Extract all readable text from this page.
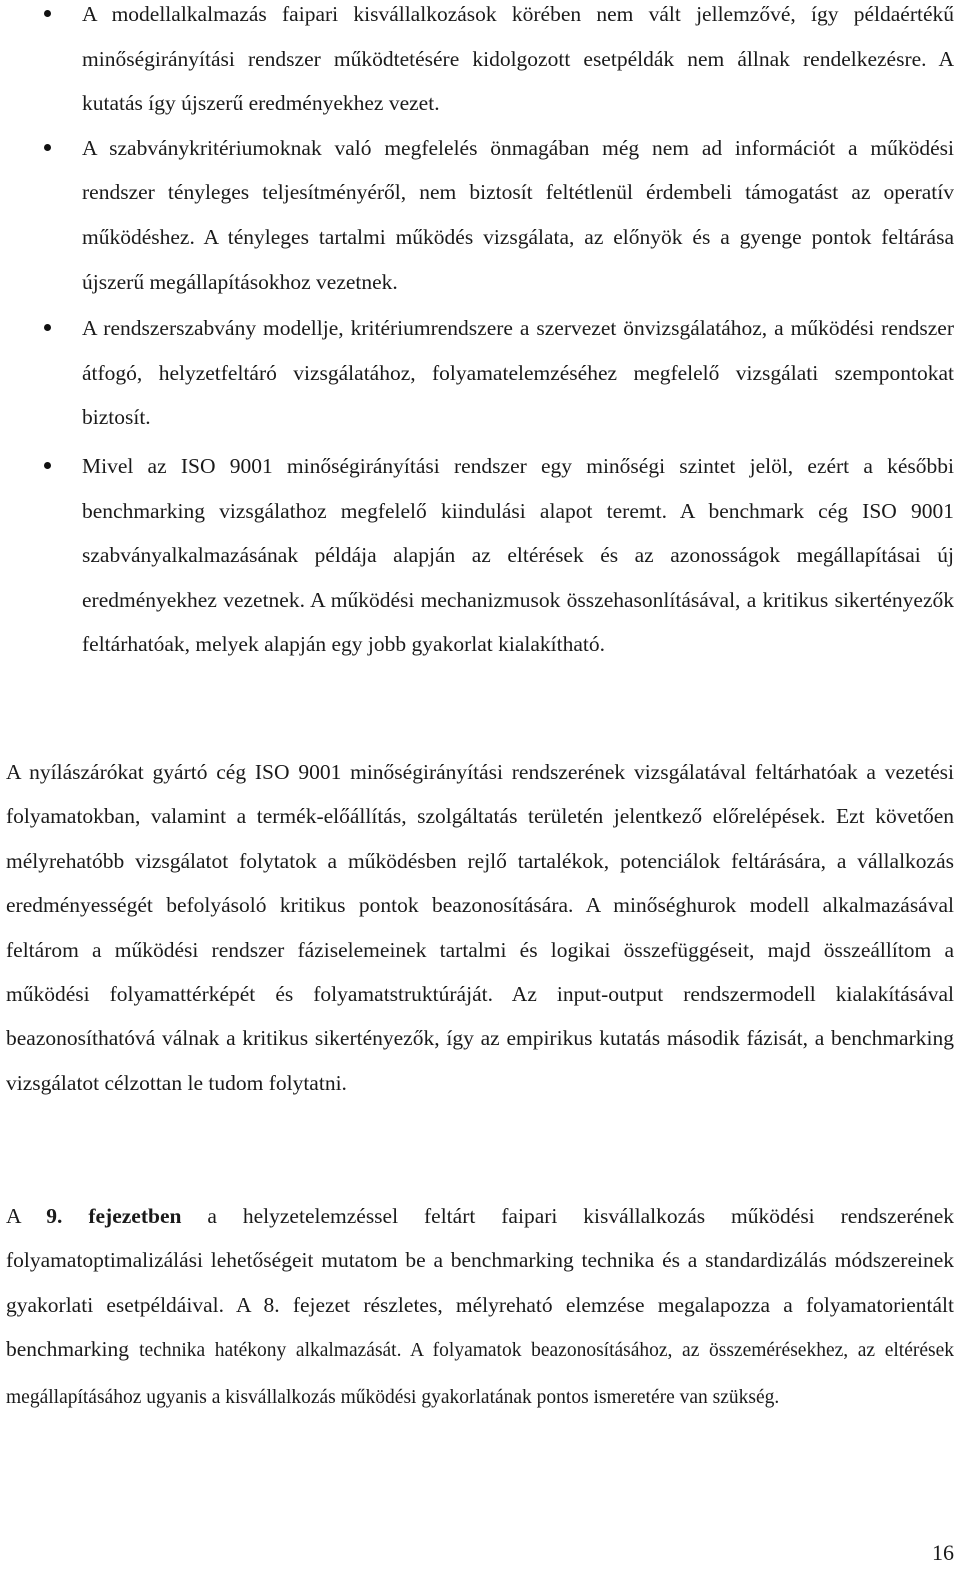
A modellalkalmazás faipari kisvállalkozások körében nem vált jellemzővé, így példaértékű minőségirányítási rendszer működtetésére kidolgozott esetpéldák nem állnak rendelkezésre. A kutatás így újszerű eredményekhez vezet.
A szabványkritériumoknak való megfelelés önmagában még nem ad információt a működési rendszer tényleges teljesítményéről, nem biztosít feltétlenül érdembeli támogatást az operatív működéshez. A tényleges tartalmi működés vizsgálata, az előnyök és a gyenge pontok feltárása újszerű megállapításokhoz vezetnek.
A rendszerszabvány modellje, kritériumrendszere a szervezet önvizsgálatához, a működési rendszer átfogó, helyzetfeltáró vizsgálatához, folyamatelemzéséhez megfelelő vizsgálati szempontokat biztosít.
Mivel az ISO 9001 minőségirányítási rendszer egy minőségi szintet jelöl, ezért a későbbi benchmarking vizsgálathoz megfelelő kiindulási alapot teremt. A benchmark cég ISO 9001 szabványalkalmazásának példája alapján az eltérések és az azonosságok megállapításai új eredményekhez vezetnek. A működési mechanizmusok összehasonlításával, a kritikus sikertényezők feltárhatóak, melyek alapján egy jobb gyakorlat kialakítható.

A nyílászárókat gyártó cég ISO 9001 minőségirányítási rendszerének vizsgálatával feltárhatóak a vezetési folyamatokban, valamint a termék-előállítás, szolgáltatás területén jelentkező előrelépések. Ezt követően mélyrehatóbb vizsgálatot folytatok a működésben rejlő tartalékok, potenciálok feltárására, a vállalkozás eredményességét befolyásoló kritikus pontok beazonosítására. A minőséghurok modell alkalmazásával feltárom a működési rendszer fáziselemeinek tartalmi és logikai összefüggéseit, majd összeállítom a működési folyamattérképét és folyamatstruktúráját. Az input-output rendszermodell kialakításával beazonosíthatóvá válnak a kritikus sikertényezők, így az empirikus kutatás második fázisát, a benchmarking vizsgálatot célzottan le tudom folytatni.

A 9. fejezetben a helyzetelemzéssel feltárt faipari kisvállalkozás működési rendszerének folyamatoptimalizálási lehetőségeit mutatom be a benchmarking technika és a standardizálás módszereinek gyakorlati esetpéldáival. A 8. fejezet részletes, mélyreható elemzése megalapozza a folyamatorientált benchmarking technika hatékony alkalmazását. A folyamatok beazonosításához, az összemérésekhez, az eltérések megállapításához ugyanis a kisvállalkozás működési gyakorlatának pontos ismeretére van szükség.

16
